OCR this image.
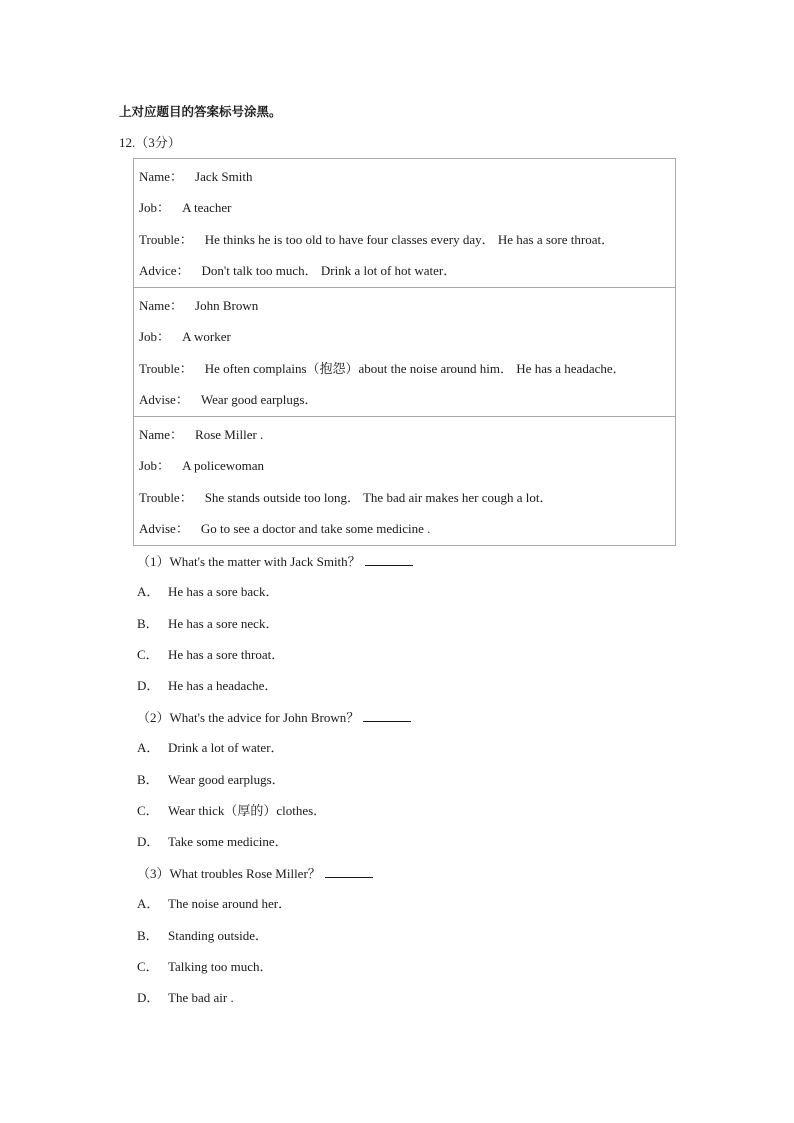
上对应题目的答案标号涂黑。
12.（3分）
Name： Jack Smith
Job： A teacher
Trouble： He thinks he is too old to have four classes every day． He has a sore throat．
Advice： Don't talk too much． Drink a lot of hot water．

Name： John Brown
Job： A worker
Trouble： He often complains（抱怨）about the noise around him． He has a headache．
Advise： Wear good earplugs．

Name： Rose Miller .
Job： A policewoman
Trouble： She stands outside too long． The bad air makes her cough a lot．
Advise： Go to see a doctor and take some medicine .
（1）What's the matter with Jack Smith？
A． He has a sore back．
B． He has a sore neck．
C． He has a sore throat．
D． He has a headache．
（2）What's the advice for John Brown？
A． Drink a lot of water．
B． Wear good earplugs．
C． Wear thick（厚的）clothes．
D． Take some medicine．
（3）What troubles Rose Miller？
A． The noise around her．
B． Standing outside．
C． Talking too much．
D． The bad air .
